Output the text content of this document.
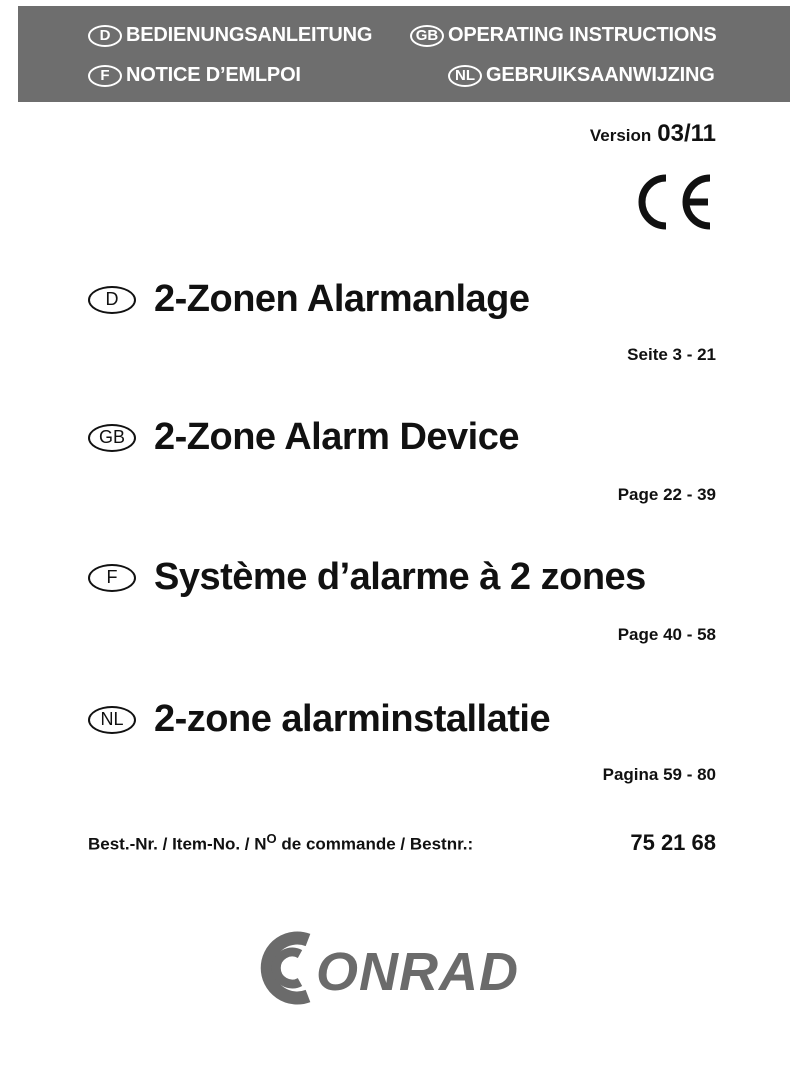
D BEDIENUNGSANLEITUNG	GB OPERATING INSTRUCTIONS
F NOTICE D’EMLPOI	NL GEBRUIKSAANWIJZING
Version 03/11
D 2-Zonen Alarmanlage
Seite 3 - 21
GB 2-Zone Alarm Device
Page 22 - 39
F Système d’alarme à 2 zones
Page 40 - 58
NL 2-zone alarminstallatie
Pagina 59 - 80
Best.-Nr. / Item-No. / $N^O$ de commande / Bestnr.:	75 21 68
ONRAD
